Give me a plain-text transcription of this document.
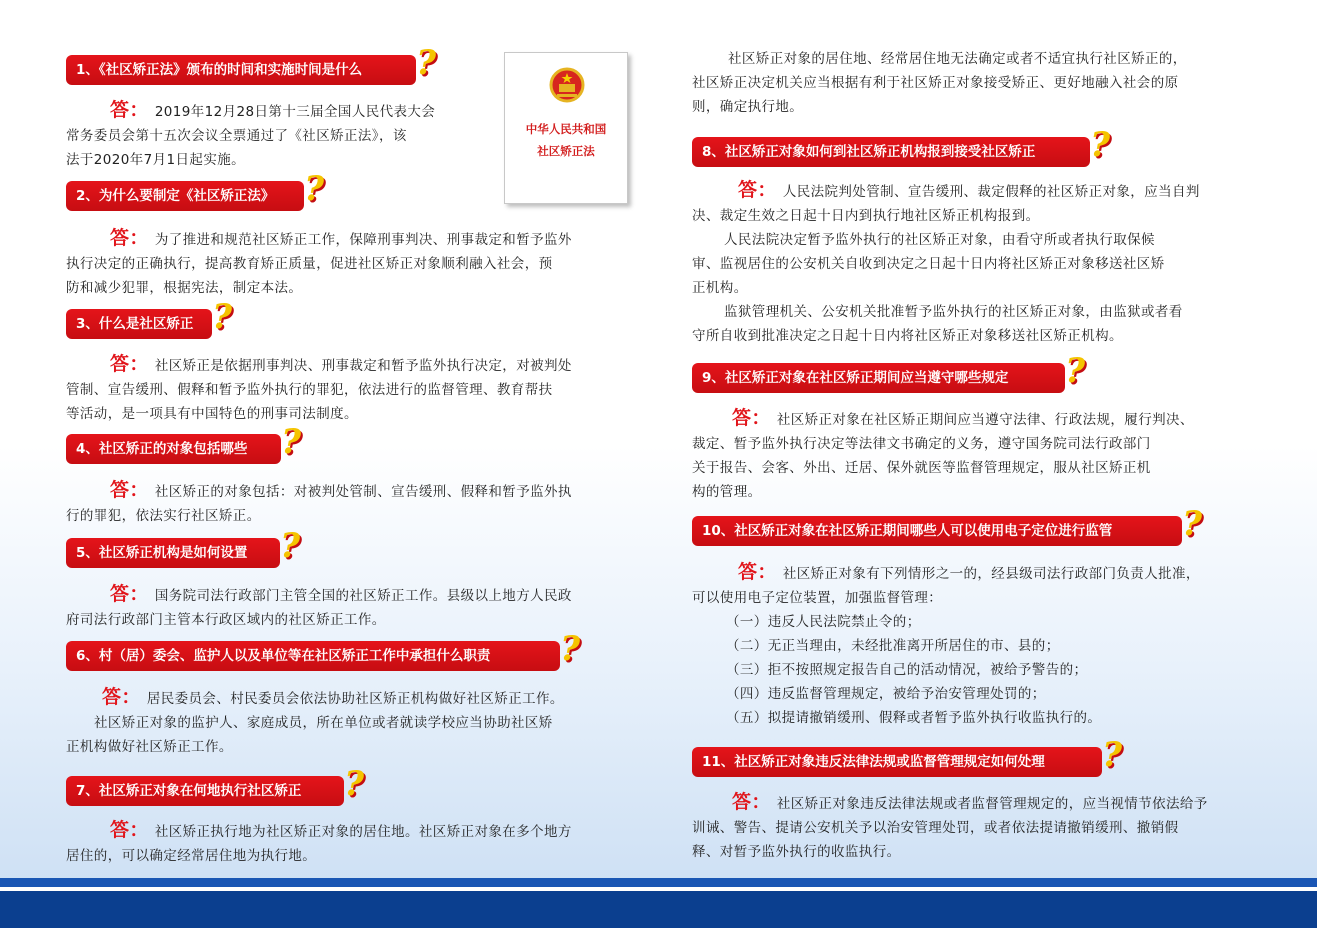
1、《社区矫正法》颁布的时间和实施时间是什么 ?

答： 2019年12月28日第十三届全国人民代表大会

常务委员会第十五次会议全票通过了《社区矫正法》，该

法于2020年7月1日起实施。

中华人民共和国
社区矫正法
2、为什么要制定《社区矫正法》 ?

答： 为了推进和规范社区矫正工作，保障刑事判决、刑事裁定和暂予监外

执行决定的正确执行，提高教育矫正质量，促进社区矫正对象顺利融入社会，预

防和减少犯罪，根据宪法，制定本法。

3、什么是社区矫正 ?

答： 社区矫正是依据刑事判决、刑事裁定和暂予监外执行决定，对被判处

管制、宣告缓刑、假释和暂予监外执行的罪犯，依法进行的监督管理、教育帮扶

等活动，是一项具有中国特色的刑事司法制度。

4、社区矫正的对象包括哪些 ?

答： 社区矫正的对象包括：对被判处管制、宣告缓刑、假释和暂予监外执

行的罪犯，依法实行社区矫正。

5、社区矫正机构是如何设置 ?

答： 国务院司法行政部门主管全国的社区矫正工作。县级以上地方人民政

府司法行政部门主管本行政区域内的社区矫正工作。

6、村（居）委会、监护人以及单位等在社区矫正工作中承担什么职责 ?

答： 居民委员会、村民委员会依法协助社区矫正机构做好社区矫正工作。

社区矫正对象的监护人、家庭成员，所在单位或者就读学校应当协助社区矫

正机构做好社区矫正工作。

7、社区矫正对象在何地执行社区矫正 ?

答： 社区矫正执行地为社区矫正对象的居住地。社区矫正对象在多个地方

居住的，可以确定经常居住地为执行地。

社区矫正对象的居住地、经常居住地无法确定或者不适宜执行社区矫正的，

社区矫正决定机关应当根据有利于社区矫正对象接受矫正、更好地融入社会的原

则，确定执行地。

8、社区矫正对象如何到社区矫正机构报到接受社区矫正 ?

答： 人民法院判处管制、宣告缓刑、裁定假释的社区矫正对象，应当自判

决、裁定生效之日起十日内到执行地社区矫正机构报到。

人民法院决定暂予监外执行的社区矫正对象，由看守所或者执行取保候

审、监视居住的公安机关自收到决定之日起十日内将社区矫正对象移送社区矫

正机构。

监狱管理机关、公安机关批准暂予监外执行的社区矫正对象，由监狱或者看

守所自收到批准决定之日起十日内将社区矫正对象移送社区矫正机构。

9、社区矫正对象在社区矫正期间应当遵守哪些规定 ?

答： 社区矫正对象在社区矫正期间应当遵守法律、行政法规，履行判决、

裁定、暂予监外执行决定等法律文书确定的义务，遵守国务院司法行政部门

关于报告、会客、外出、迁居、保外就医等监督管理规定，服从社区矫正机

构的管理。

10、社区矫正对象在社区矫正期间哪些人可以使用电子定位进行监管 ?

答： 社区矫正对象有下列情形之一的，经县级司法行政部门负责人批准，

可以使用电子定位装置，加强监督管理：

（一）违反人民法院禁止令的；

（二）无正当理由，未经批准离开所居住的市、县的；

（三）拒不按照规定报告自己的活动情况，被给予警告的；

（四）违反监督管理规定，被给予治安管理处罚的；

（五）拟提请撤销缓刑、假释或者暂予监外执行收监执行的。

11、社区矫正对象违反法律法规或监督管理规定如何处理 ?

答： 社区矫正对象违反法律法规或者监督管理规定的，应当视情节依法给予

训诫、警告、提请公安机关予以治安管理处罚，或者依法提请撤销缓刑、撤销假

释、对暂予监外执行的收监执行。
